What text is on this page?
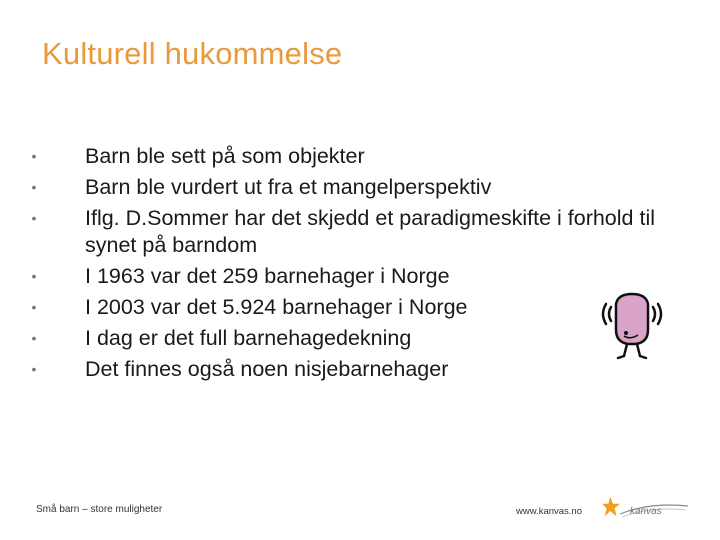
Kulturell hukommelse
• Barn ble sett på som objekter
• Barn ble vurdert ut fra et mangelperspektiv
• Iflg. D.Sommer har det skjedd et paradigmeskifte i forhold til synet på barndom
• I 1963 var det 259 barnehager i Norge
• I 2003 var det 5.924 barnehager i Norge
• I dag er det full barnehagedekning
• Det finnes også noen nisjebarnehager
Små barn – store muligheter	www.kanvas.no	kanvas
